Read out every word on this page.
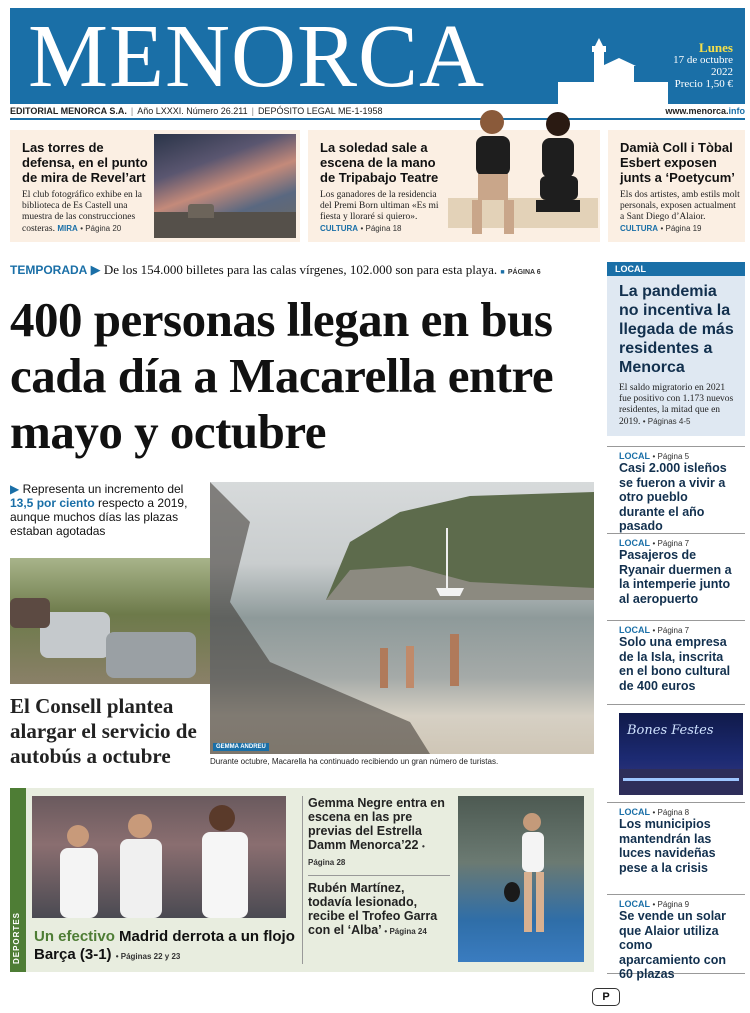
MENORCA	Lunes
17 de octubre
2022
Precio 1,50 €
EDITORIAL MENORCA S.A. | Año LXXXI. Número 26.211 | DEPÓSITO LEGAL ME-1-1958	www.menorca.info
Las torres de defensa, en el punto de mira de Revel’art

El club fotográfico exhibe en la biblioteca de Es Castell una muestra de las construcciones costeras. MIRA • Página 20

La soledad sale a escena de la mano de Tripabajo Teatre

Los ganadores de la residencia del Premi Born ultiman «Es mi fiesta y lloraré si quiero». CULTURA • Página 18

Damià Coll i Tòbal Esbert exposen junts a ‘Poetycum’

Els dos artistes, amb estils molt personals, exposen actualment a Sant Diego d’Alaior. CULTURA • Página 19

TEMPORADA ▶ De los 154.000 billetes para las calas vírgenes, 102.000 son para esta playa. ■ PÁGINA 6
400 personas llegan en bus cada día a Macarella entre mayo y octubre
▶ Representa un incremento del 13,5 por ciento respecto a 2019, aunque muchos días las plazas estaban agotadas
GEMMA ANDREU
Durante octubre, Macarella ha continuado recibiendo un gran número de turistas.
El Consell plantea alargar el servicio de autobús a octubre
LOCAL
La pandemia no incentiva la llegada de más residentes a Menorca

El saldo migratorio en 2021 fue positivo con 1.173 nuevos residentes, la mitad que en 2019. • Páginas 4-5

LOCAL • Página 5
Casi 2.000 isleños se fueron a vivir a otro pueblo durante el año pasado
LOCAL • Página 7
Pasajeros de Ryanair duermen a la intemperie junto al aeropuerto
LOCAL • Página 7
Solo una empresa de la Isla, inscrita en el bono cultural de 400 euros
Bones Festes
LOCAL • Página 8
Los municipios mantendrán las luces navideñas pese a la crisis
LOCAL • Página 9
Se vende un solar que Alaior utiliza como aparcamiento con 60 plazas
DEPORTES Un efectivo Madrid derrota a un flojo Barça (3-1) • Páginas 22 y 23
Gemma Negre entra en escena en las pre previas del Estrella Damm Menorca’22 • Página 28
Rubén Martínez, todavía lesionado, recibe el Trofeo Garra con el ‘Alba’ • Página 24
P
